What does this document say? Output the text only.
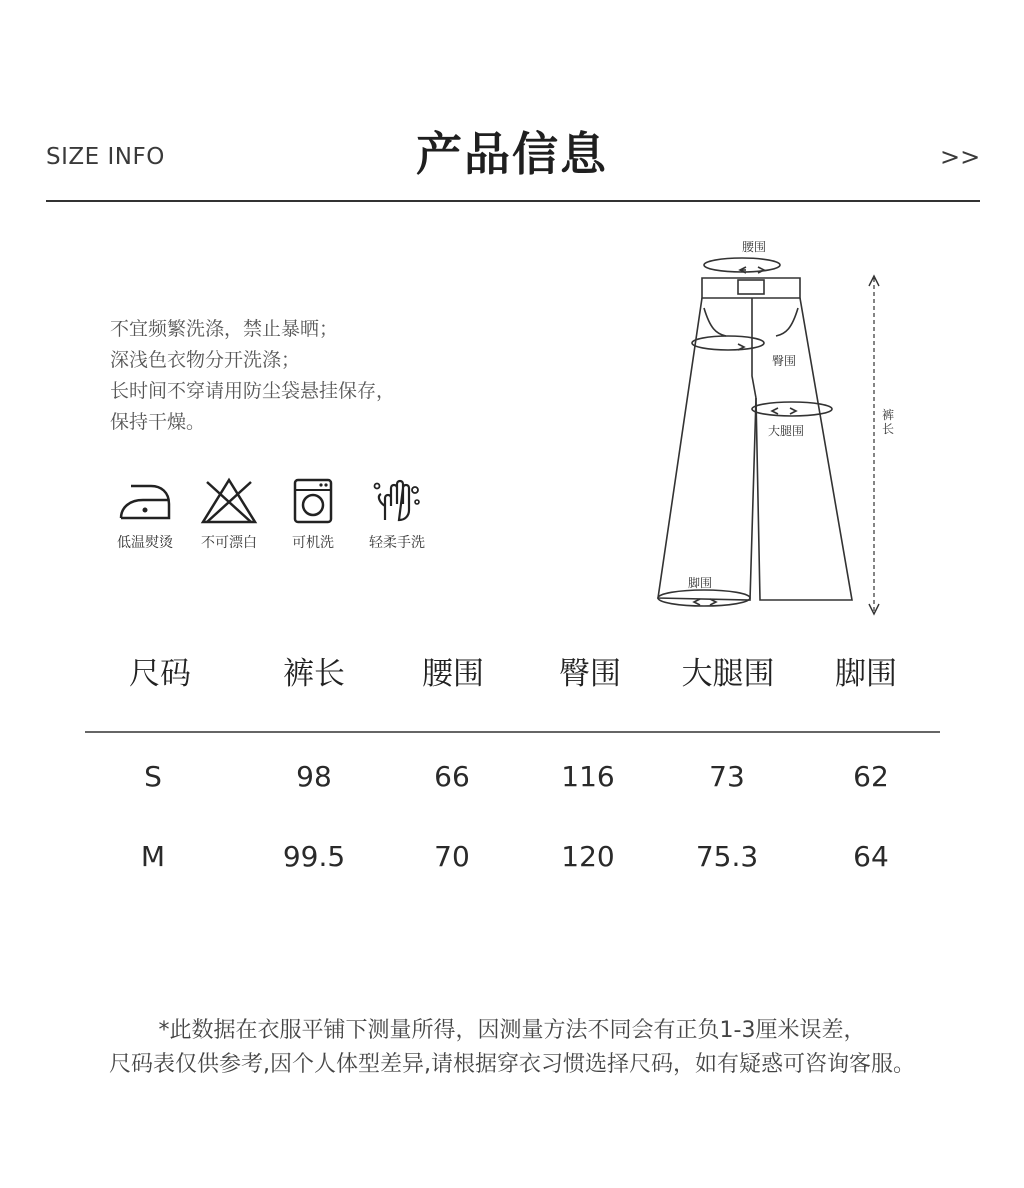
SIZE INFO	产品信息	>>
不宜频繁洗涤，禁止暴晒；
深浅色衣物分开洗涤；
长时间不穿请用防尘袋悬挂保存，
保持干燥。
低温熨烫	不可漂白	可机洗	轻柔手洗
腰围
臀围
大腿围
裤长
脚围
尺码	裤长	腰围	臀围	大腿围	脚围
S	98	66	116	73	62
M	99.5	70	120	75.3	64
*此数据在衣服平铺下测量所得，因测量方法不同会有正负1-3厘米误差，
尺码表仅供参考,因个人体型差异,请根据穿衣习惯选择尺码，如有疑惑可咨询客服。
